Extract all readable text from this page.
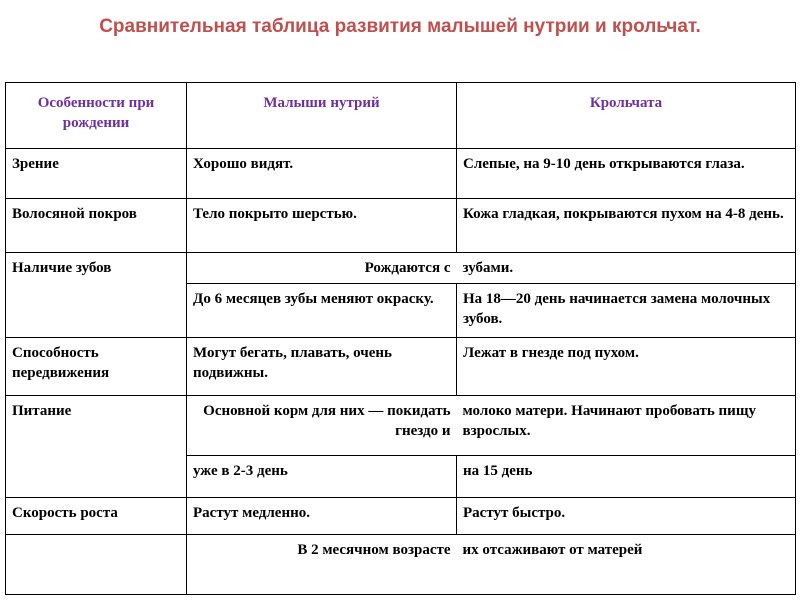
Сравнительная таблица развития малышей нутрии и крольчат.
Особенности при рождении	Малыши нутрий	Крольчата
Зрение	Хорошо видят.	Слепые, на 9-10 день открываются глаза.
Волосяной покров	Тело покрыто шерстью.	Кожа гладкая, покрываются пухом на 4-8 день.
Наличие зубов	Рождаются с	зубами.
	До 6 месяцев зубы меняют окраску.	На 18—20 день начинается замена молочных зубов.
Способность передвижения	Могут бегать, плавать, очень подвижны.	Лежат в гнезде под пухом.
Питание	Основной корм для них — покидать гнездо и	молоко матери. Начинают пробовать пищу взрослых.
	уже в 2-3 день	на 15 день
Скорость роста	Растут медленно.	Растут быстро.
	В 2 месячном возрасте	их отсаживают от матерей
